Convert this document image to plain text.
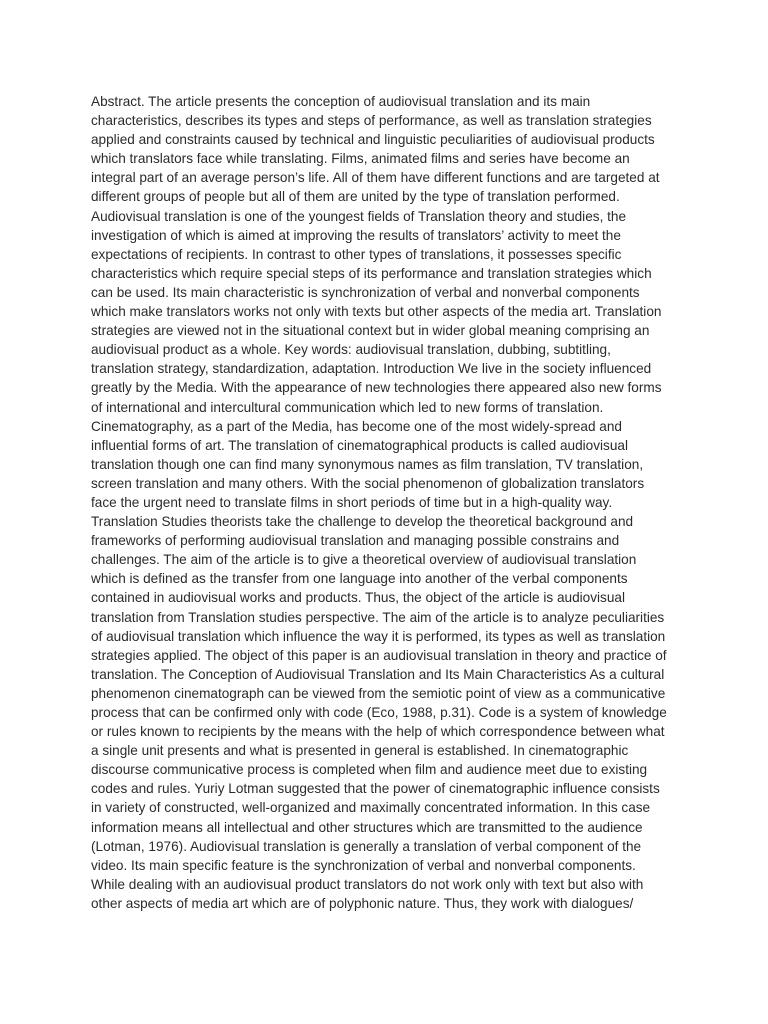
Abstract. The article presents the conception of audiovisual translation and its main
characteristics, describes its types and steps of performance, as well as translation strategies
applied and constraints caused by technical and linguistic peculiarities of audiovisual products
which translators face while translating. Films, animated films and series have become an
integral part of an average person’s life. All of them have different functions and are targeted at
different groups of people but all of them are united by the type of translation performed.
Audiovisual translation is one of the youngest fields of Translation theory and studies, the
investigation of which is aimed at improving the results of translators’ activity to meet the
expectations of recipients. In contrast to other types of translations, it possesses specific
characteristics which require special steps of its performance and translation strategies which
can be used. Its main characteristic is synchronization of verbal and nonverbal components
which make translators works not only with texts but other aspects of the media art. Translation
strategies are viewed not in the situational context but in wider global meaning comprising an
audiovisual product as a whole. Key words: audiovisual translation, dubbing, subtitling,
translation strategy, standardization, adaptation. Introduction We live in the society influenced
greatly by the Media. With the appearance of new technologies there appeared also new forms
of international and intercultural communication which led to new forms of translation.
Cinematography, as a part of the Media, has become one of the most widely-spread and
influential forms of art. The translation of cinematographical products is called audiovisual
translation though one can find many synonymous names as film translation, TV translation,
screen translation and many others. With the social phenomenon of globalization translators
face the urgent need to translate films in short periods of time but in a high-quality way.
Translation Studies theorists take the challenge to develop the theoretical background and
frameworks of performing audiovisual translation and managing possible constrains and
challenges. The aim of the article is to give a theoretical overview of audiovisual translation
which is defined as the transfer from one language into another of the verbal components
contained in audiovisual works and products. Thus, the object of the article is audiovisual
translation from Translation studies perspective. The aim of the article is to analyze peculiarities
of audiovisual translation which influence the way it is performed, its types as well as translation
strategies applied. The object of this paper is an audiovisual translation in theory and practice of
translation. The Conception of Audiovisual Translation and Its Main Characteristics As a cultural
phenomenon cinematograph can be viewed from the semiotic point of view as a communicative
process that can be confirmed only with code (Eco, 1988, p.31). Code is a system of knowledge
or rules known to recipients by the means with the help of which correspondence between what
a single unit presents and what is presented in general is established. In cinematographic
discourse communicative process is completed when film and audience meet due to existing
codes and rules. Yuriy Lotman suggested that the power of cinematographic influence consists
in variety of constructed, well-organized and maximally concentrated information. In this case
information means all intellectual and other structures which are transmitted to the audience
(Lotman, 1976). Audiovisual translation is generally a translation of verbal component of the
video. Its main specific feature is the synchronization of verbal and nonverbal components.
While dealing with an audiovisual product translators do not work only with text but also with
other aspects of media art which are of polyphonic nature. Thus, they work with dialogues/
